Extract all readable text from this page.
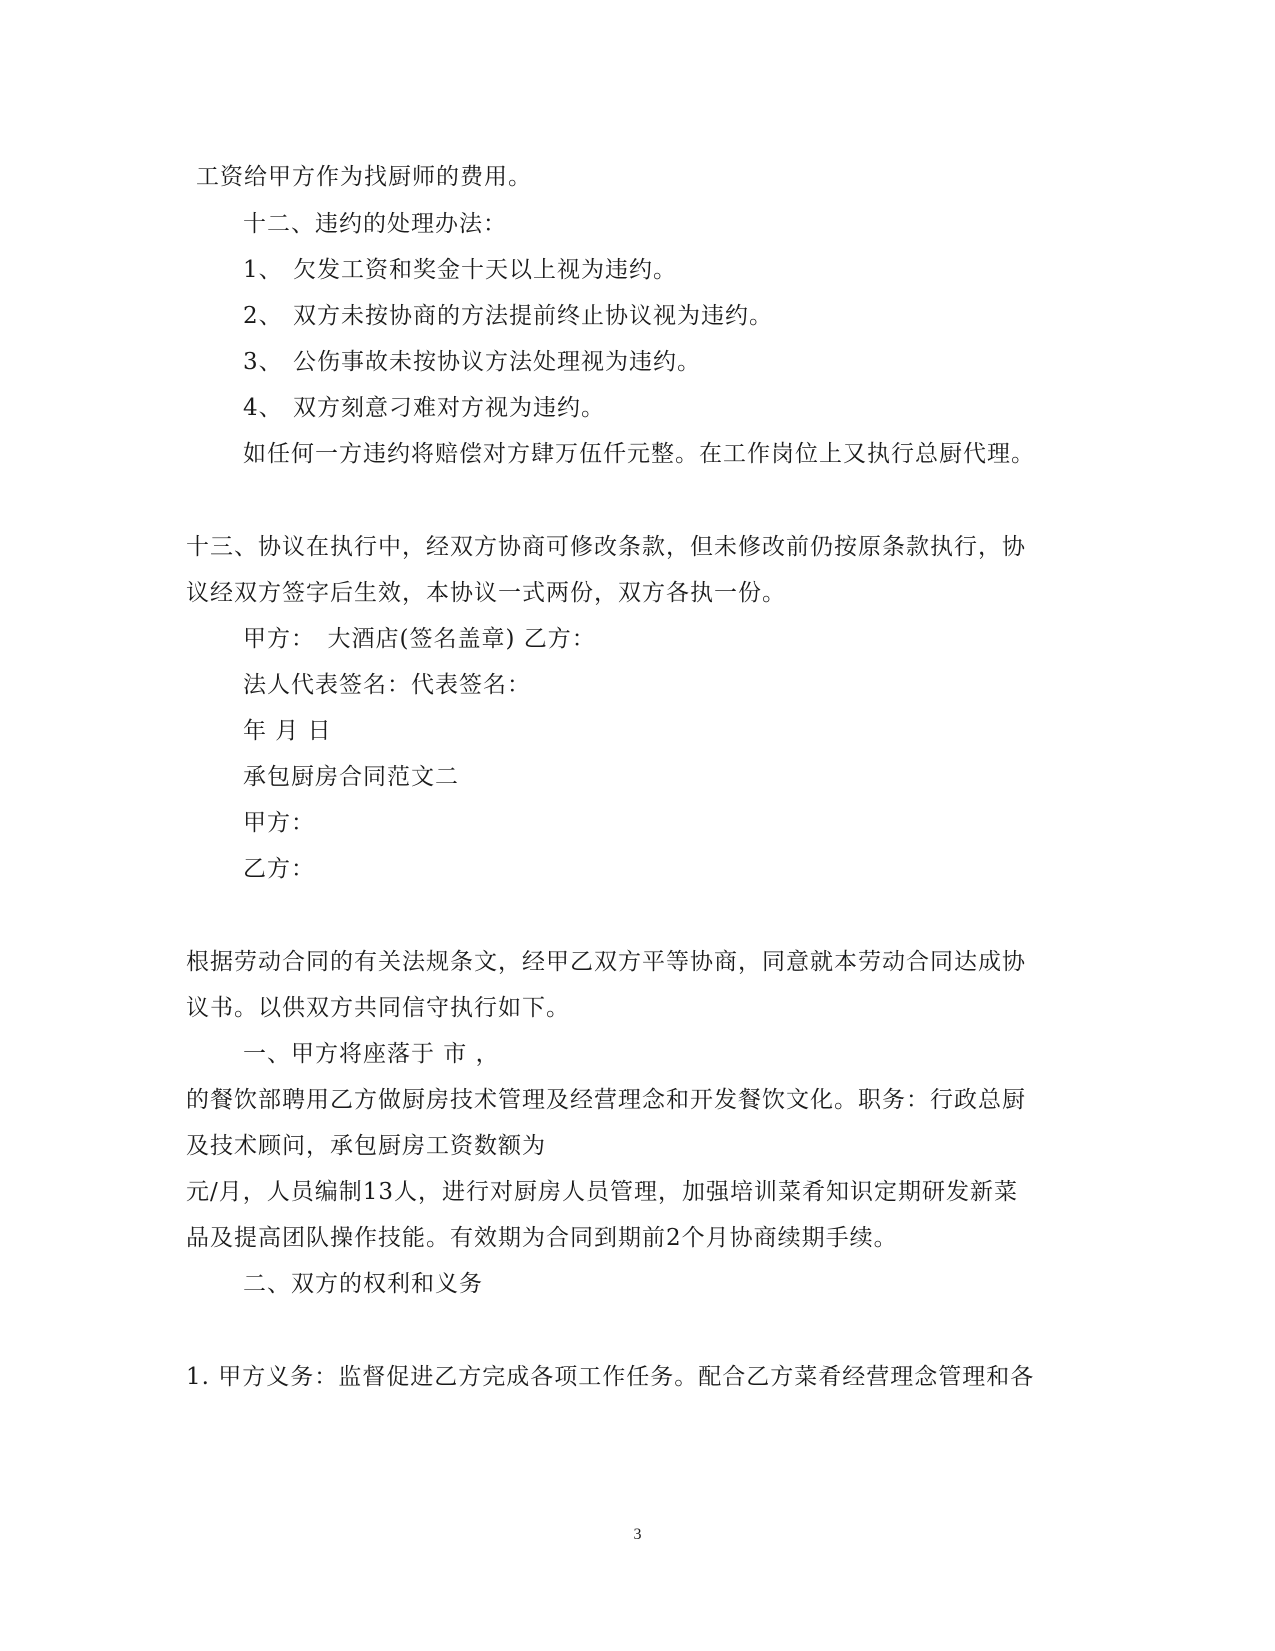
工资给甲方作为找厨师的费用。
十二、违约的处理办法：
1、 欠发工资和奖金十天以上视为违约。
2、 双方未按协商的方法提前终止协议视为违约。
3、 公伤事故未按协议方法处理视为违约。
4、 双方刻意刁难对方视为违约。
如任何一方违约将赔偿对方肆万伍仟元整。在工作岗位上又执行总厨代理。
十三、协议在执行中，经双方协商可修改条款，但未修改前仍按原条款执行，协
议经双方签字后生效，本协议一式两份，双方各执一份。
甲方：　大酒店(签名盖章) 乙方：
法人代表签名：代表签名：
年 月 日
承包厨房合同范文二
甲方：
乙方：
根据劳动合同的有关法规条文，经甲乙双方平等协商，同意就本劳动合同达成协
议书。以供双方共同信守执行如下。
一、甲方将座落于 市 ，
的餐饮部聘用乙方做厨房技术管理及经营理念和开发餐饮文化。职务：行政总厨
及技术顾问，承包厨房工资数额为
元/月，人员编制13人，进行对厨房人员管理，加强培训菜肴知识定期研发新菜
品及提高团队操作技能。有效期为合同到期前2个月协商续期手续。
二、双方的权利和义务
1. 甲方义务：监督促进乙方完成各项工作任务。配合乙方菜肴经营理念管理和各
3
